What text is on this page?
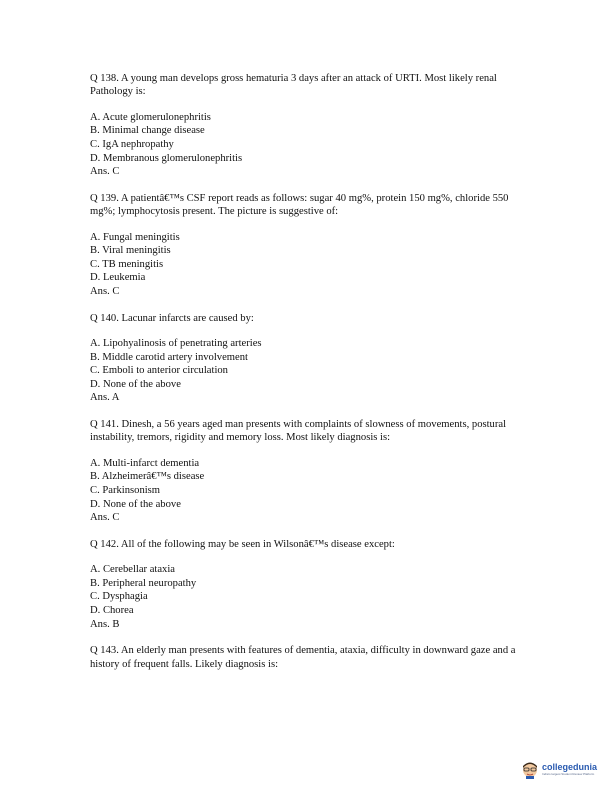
Q 138. A young man develops gross hematuria 3 days after an attack of URTI. Most likely renal Pathology is:

A. Acute glomerulonephritis
B. Minimal change disease
C. IgA nephropathy
D. Membranous glomerulonephritis
Ans. C

Q 139. A patientâ€™s CSF report reads as follows: sugar 40 mg%, protein 150 mg%, chloride 550 mg%; lymphocytosis present. The picture is suggestive of:

A. Fungal meningitis
B. Viral meningitis
C. TB meningitis
D. Leukemia
Ans. C

Q 140. Lacunar infarcts are caused by:

A. Lipohyalinosis of penetrating arteries
B. Middle carotid artery involvement
C. Emboli to anterior circulation
D. None of the above
Ans. A

Q 141. Dinesh, a 56 years aged man presents with complaints of slowness of movements, postural instability, tremors, rigidity and memory loss. Most likely diagnosis is:

A. Multi-infarct dementia
B. Alzheimerâ€™s disease
C. Parkinsonism
D. None of the above
Ans. C

Q 142. All of the following may be seen in Wilsonâ€™s disease except:

A. Cerebellar ataxia
B. Peripheral neuropathy
C. Dysphagia
D. Chorea
Ans. B

Q 143. An elderly man presents with features of dementia, ataxia, difficulty in downward gaze and a history of frequent falls. Likely diagnosis is:

collegedunia
India's largest Student Review Platform
